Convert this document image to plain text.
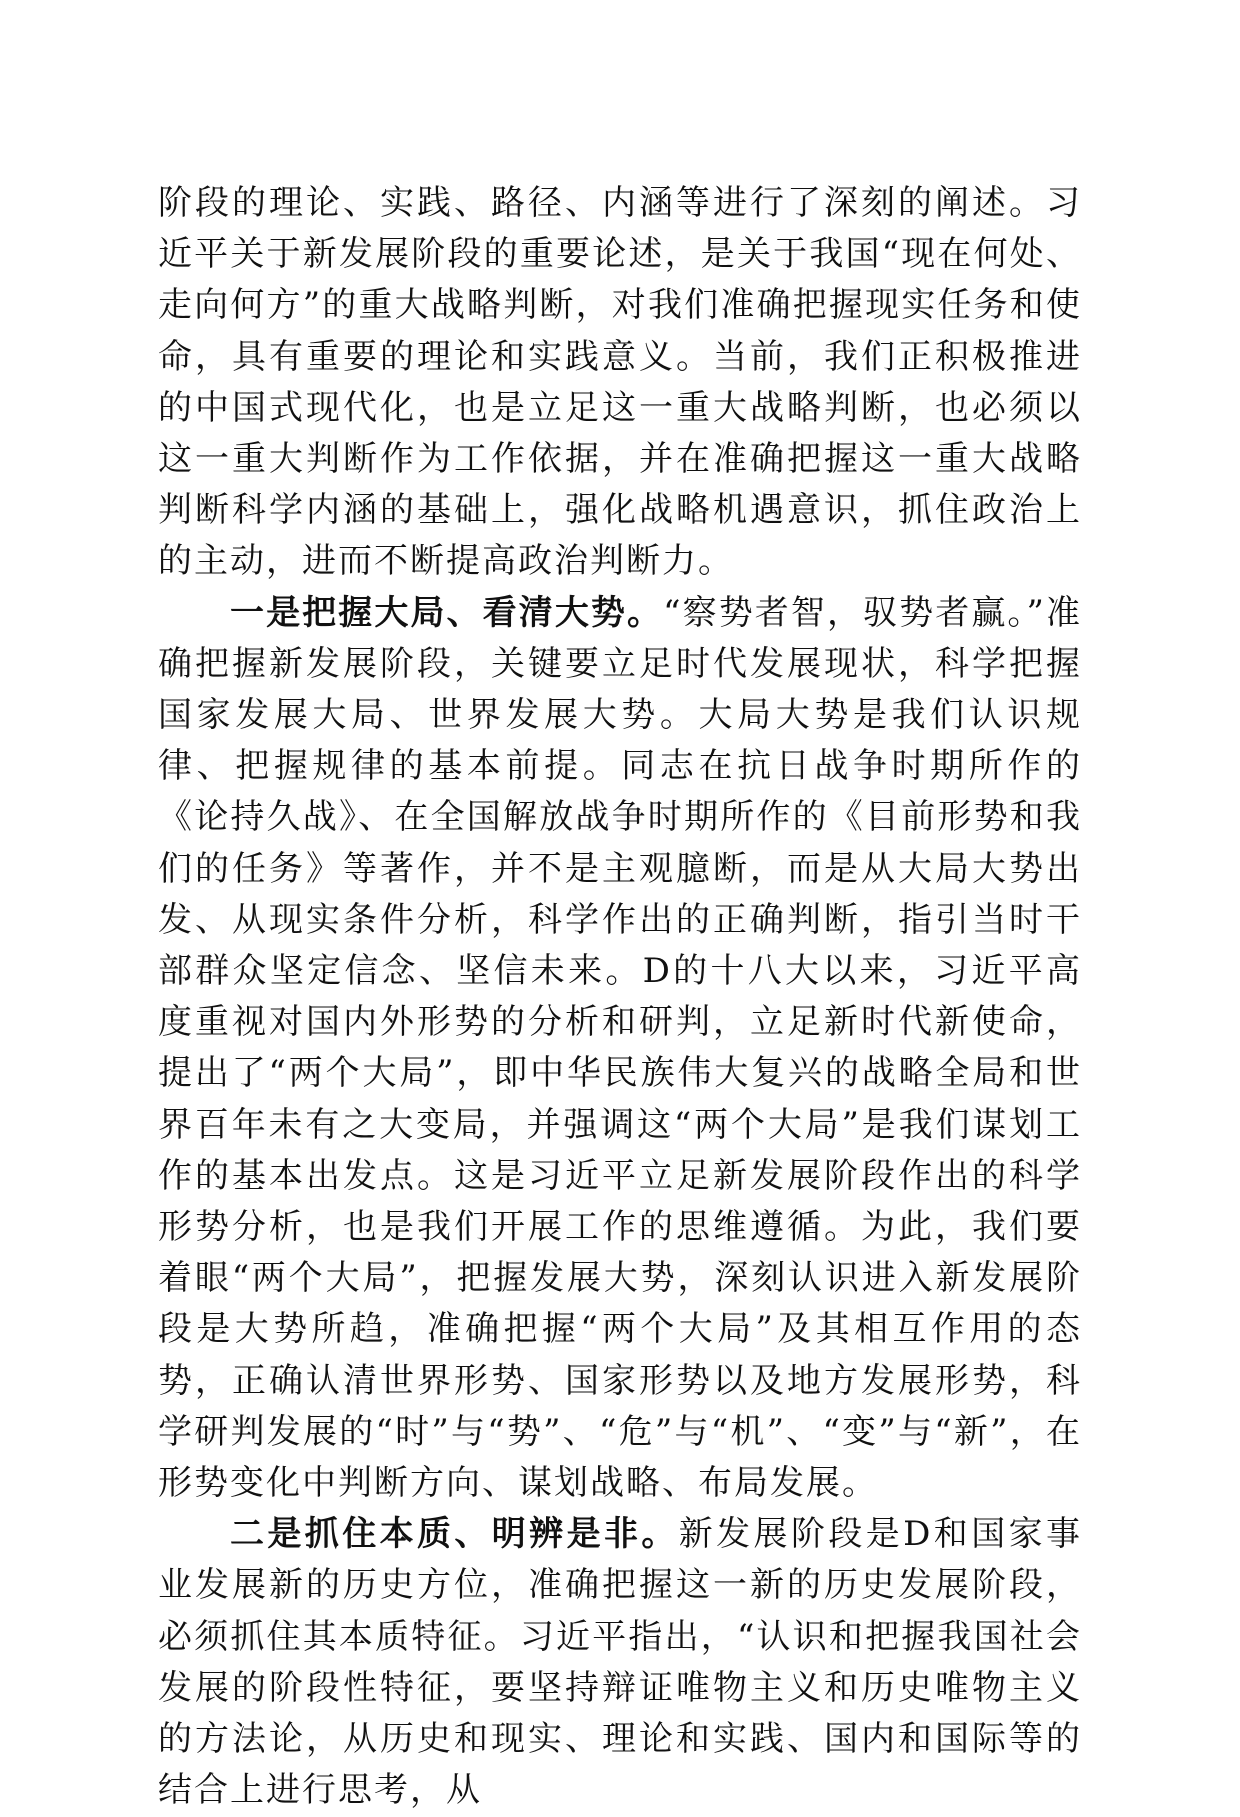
阶段的理论、实践、路径、内涵等进行了深刻的阐述。习近平关于新发展阶段的重要论述，是关于我国“现在何处、走向何方”的重大战略判断，对我们准确把握现实任务和使命，具有重要的理论和实践意义。当前，我们正积极推进的中国式现代化，也是立足这一重大战略判断，也必须以这一重大判断作为工作依据，并在准确把握这一重大战略判断科学内涵的基础上，强化战略机遇意识，抓住政治上的主动，进而不断提高政治判断力。

一是把握大局、看清大势。“察势者智，驭势者赢。”准确把握新发展阶段，关键要立足时代发展现状，科学把握国家发展大局、世界发展大势。大局大势是我们认识规律、把握规律的基本前提。同志在抗日战争时期所作的《论持久战》、在全国解放战争时期所作的《目前形势和我们的任务》等著作，并不是主观臆断，而是从大局大势出发、从现实条件分析，科学作出的正确判断，指引当时干部群众坚定信念、坚信未来。D的十八大以来，习近平高度重视对国内外形势的分析和研判，立足新时代新使命，提出了“两个大局”，即中华民族伟大复兴的战略全局和世界百年未有之大变局，并强调这“两个大局”是我们谋划工作的基本出发点。这是习近平立足新发展阶段作出的科学形势分析，也是我们开展工作的思维遵循。为此，我们要着眼“两个大局”，把握发展大势，深刻认识进入新发展阶段是大势所趋，准确把握“两个大局”及其相互作用的态势，正确认清世界形势、国家形势以及地方发展形势，科学研判发展的“时”与“势”、“危”与“机”、“变”与“新”，在形势变化中判断方向、谋划战略、布局发展。

二是抓住本质、明辨是非。新发展阶段是D和国家事业发展新的历史方位，准确把握这一新的历史发展阶段，必须抓住其本质特征。习近平指出，“认识和把握我国社会发展的阶段性特征，要坚持辩证唯物主义和历史唯物主义的方法论，从历史和现实、理论和实践、国内和国际等的结合上进行思考，从
